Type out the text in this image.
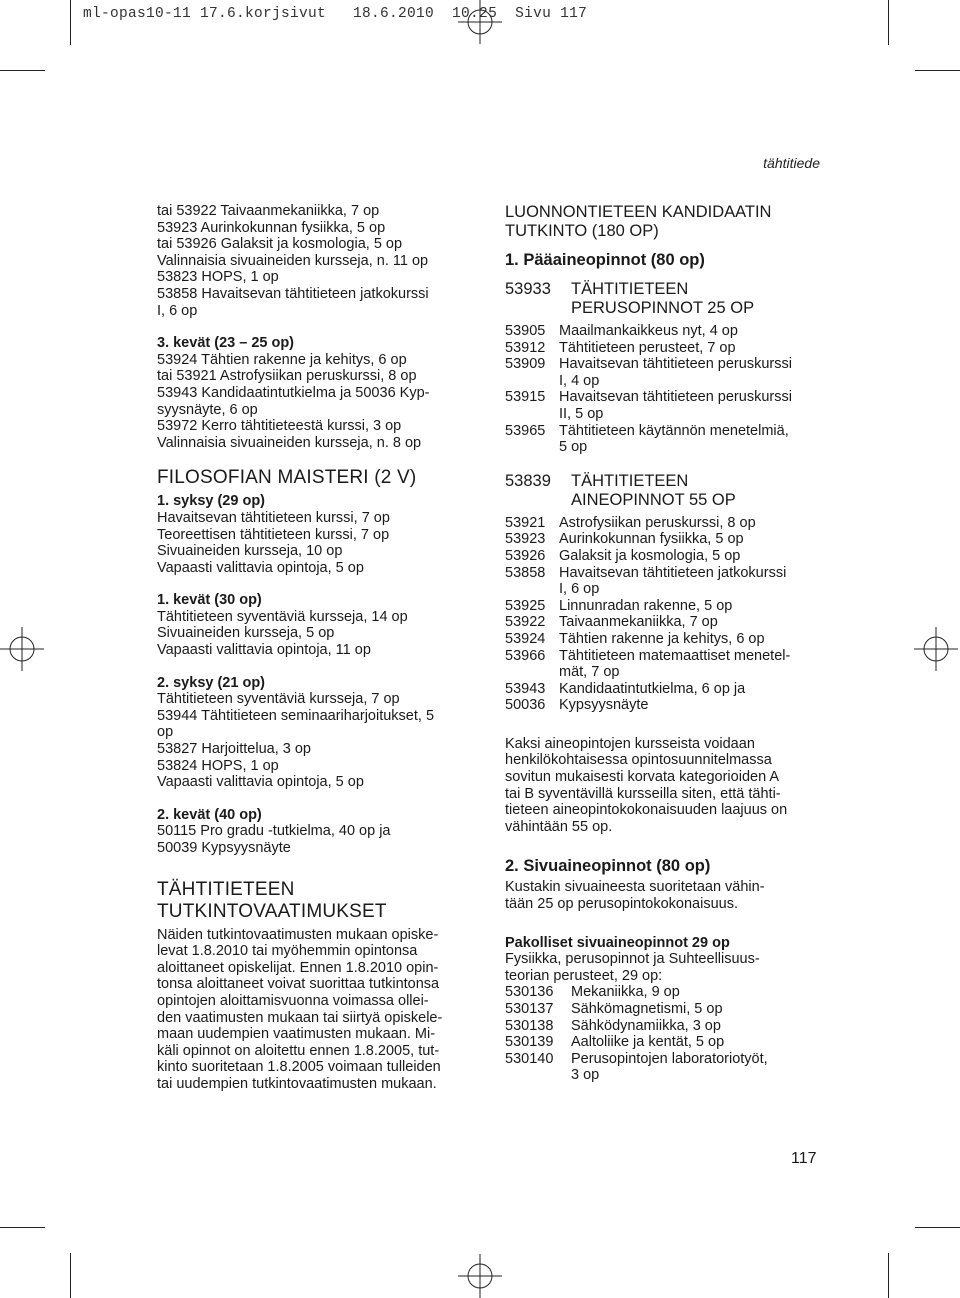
ml-opas10-11 17.6.korjsivut   18.6.2010  10.25  Sivu 117
tähtitiede
tai 53922 Taivaanmekaniikka, 7 op
53923 Aurinkokunnan fysiikka, 5 op
tai 53926 Galaksit ja kosmologia, 5 op
Valinnaisia sivuaineiden kursseja, n. 11 op
53823 HOPS, 1 op
53858 Havaitsevan tähtitieteen jatkokurssi
I, 6 op
3. kevät (23 – 25 op)
53924 Tähtien rakenne ja kehitys, 6 op
tai 53921 Astrofysiikan peruskurssi, 8 op
53943 Kandidaatintutkielma ja 50036 Kyp-
syysnäyte, 6 op
53972 Kerro tähtitieteestä kurssi, 3 op
Valinnaisia sivuaineiden kursseja, n. 8 op
FILOSOFIAN MAISTERI (2 V)
1. syksy (29 op)
Havaitsevan tähtitieteen kurssi, 7 op
Teoreettisen tähtitieteen kurssi, 7 op
Sivuaineiden kursseja, 10 op
Vapaasti valittavia opintoja, 5 op
1. kevät (30 op)
Tähtitieteen syventäviä kursseja, 14 op
Sivuaineiden kursseja, 5 op
Vapaasti valittavia opintoja, 11 op
2. syksy (21 op)
Tähtitieteen syventäviä kursseja, 7 op
53944 Tähtitieteen seminaariharjoitukset, 5
op
53827 Harjoittelua, 3 op
53824 HOPS, 1 op
Vapaasti valittavia opintoja, 5 op
2. kevät (40 op)
50115 Pro gradu -tutkielma, 40 op ja
50039 Kypsyysnäyte
TÄHTITIETEEN
TUTKINTOVAATIMUKSET
Näiden tutkintovaatimusten mukaan opiske-
levat 1.8.2010 tai myöhemmin opintonsa
aloittaneet opiskelijat. Ennen 1.8.2010 opin-
tonsa aloittaneet voivat suorittaa tutkintonsa
opintojen aloittamisvuonna voimassa ollei-
den vaatimusten mukaan tai siirtyä opiskele-
maan uudempien vaatimusten mukaan. Mi-
käli opinnot on aloitettu ennen 1.8.2005, tut-
kinto suoritetaan 1.8.2005 voimaan tulleiden
tai uudempien tutkintovaatimusten mukaan.
LUONNONTIETEEN KANDIDAATIN
TUTKINTO (180 OP)
1. Pääaineopinnot (80 op)
53933	TÄHTITIETEEN
PERUSOPINNOT 25 OP
53905 Maailmankaikkeus nyt, 4 op
53912 Tähtitieteen perusteet, 7 op
53909 Havaitsevan tähtitieteen peruskurssi
I, 4 op
53915 Havaitsevan tähtitieteen peruskurssi
II, 5 op
53965 Tähtitieteen käytännön menetelmiä,
5 op
53839	TÄHTITIETEEN
AINEOPINNOT 55 OP
53921 Astrofysiikan peruskurssi, 8 op
53923 Aurinkokunnan fysiikka, 5 op
53926 Galaksit ja kosmologia, 5 op
53858 Havaitsevan tähtitieteen jatkokurssi
I, 6 op
53925 Linnunradan rakenne, 5 op
53922 Taivaanmekaniikka, 7 op
53924 Tähtien rakenne ja kehitys, 6 op
53966 Tähtitieteen matemaattiset menetel-
mät, 7 op
53943 Kandidaatintutkielma, 6 op ja
50036 Kypsyysnäyte
Kaksi aineopintojen kursseista voidaan
henkilökohtaisessa opintosuunnitelmassa
sovitun mukaisesti korvata kategorioiden A
tai B syventävillä kursseilla siten, että tähti-
tieteen aineopintokokonaisuuden laajuus on
vähintään 55 op.
2. Sivuaineopinnot (80 op)
Kustakin sivuaineesta suoritetaan vähin-
tään 25 op perusopintokokonaisuus.
Pakolliset sivuaineopinnot 29 op
Fysiikka, perusopinnot ja Suhteellisuus-
teorian perusteet, 29 op:
530136	Mekaniikka, 9 op
530137	Sähkömagnetismi, 5 op
530138	Sähködynamiikka, 3 op
530139	Aaltoliike ja kentät, 5 op
530140	Perusopintojen laboratoriotyöt,
3 op
117
